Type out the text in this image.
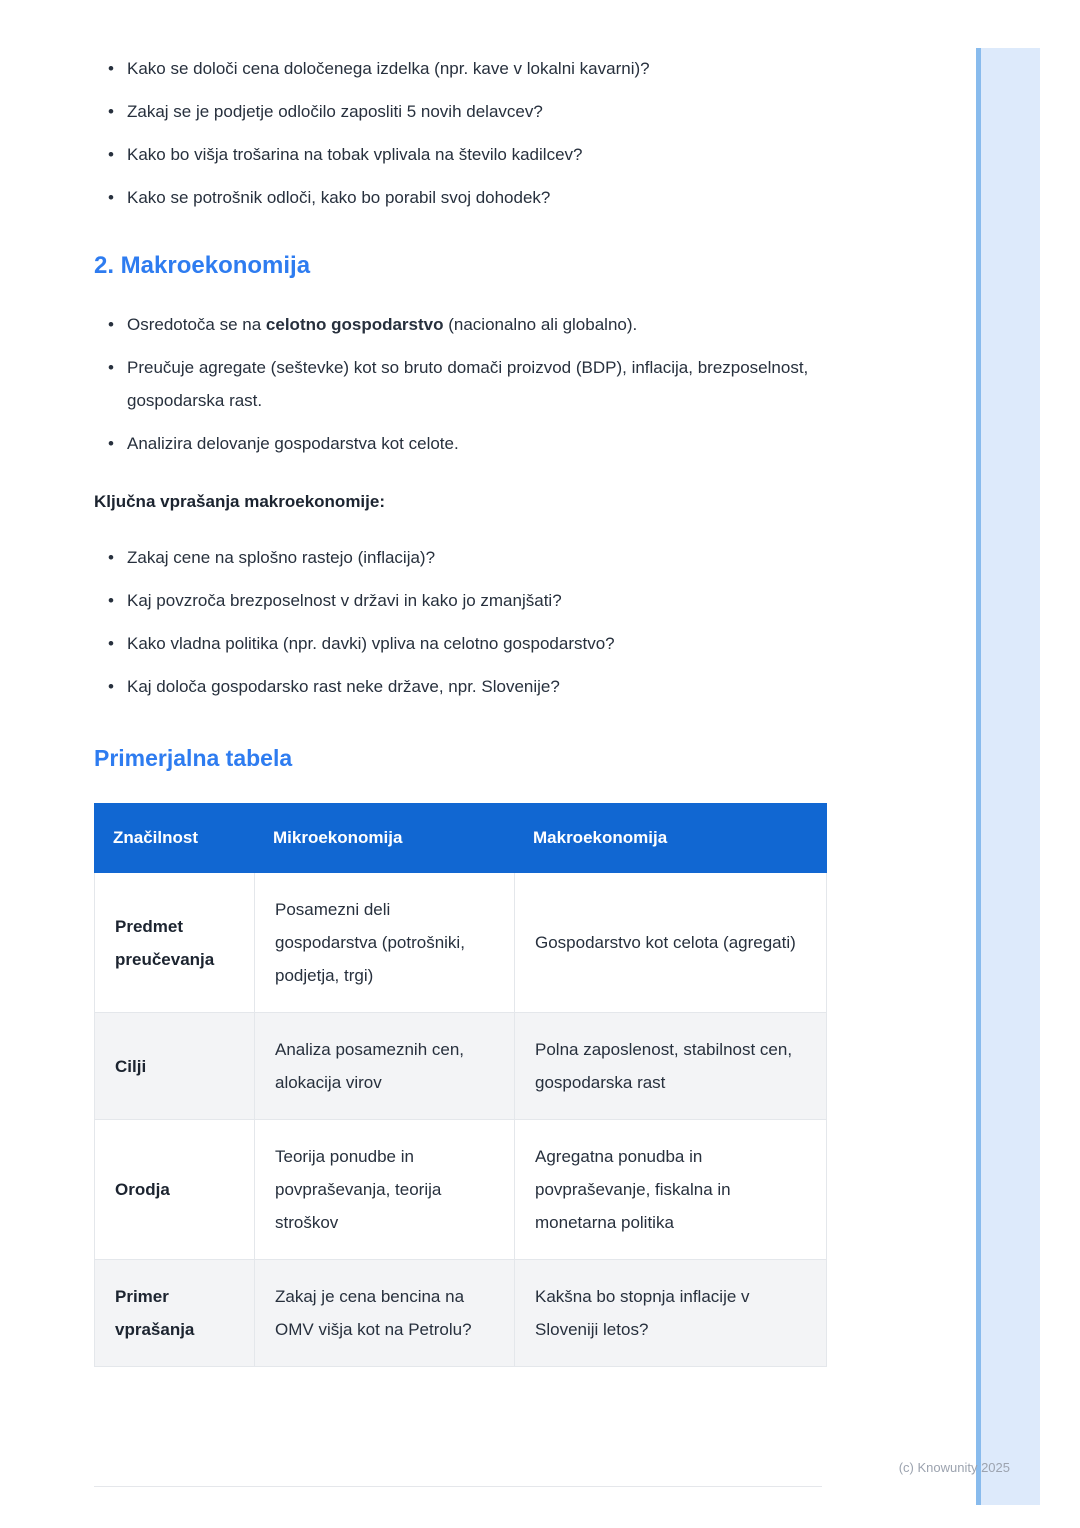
• Kako se določi cena določenega izdelka (npr. kave v lokalni kavarni)?
• Zakaj se je podjetje odločilo zaposliti 5 novih delavcev?
• Kako bo višja trošarina na tobak vplivala na število kadilcev?
• Kako se potrošnik odloči, kako bo porabil svoj dohodek?
2. Makroekonomija
• Osredotoča se na celotno gospodarstvo (nacionalno ali globalno).
• Preučuje agregate (seštevke) kot so bruto domači proizvod (BDP), inflacija, brezposelnost, gospodarska rast.
• Analizira delovanje gospodarstva kot celote.

Ključna vprašanja makroekonomije:

• Zakaj cene na splošno rastejo (inflacija)?
• Kaj povzroča brezposelnost v državi in kako jo zmanjšati?
• Kako vladna politika (npr. davki) vpliva na celotno gospodarstvo?
• Kaj določa gospodarsko rast neke države, npr. Slovenije?
Primerjalna tabela
Značilnost	Mikroekonomija	Makroekonomija
Predmet preučevanja	Posamezni deli gospodarstva (potrošniki, podjetja, trgi)	Gospodarstvo kot celota (agregati)
Cilji	Analiza posameznih cen, alokacija virov	Polna zaposlenost, stabilnost cen, gospodarska rast
Orodja	Teorija ponudbe in povpraševanja, teorija stroškov	Agregatna ponudba in povpraševanje, fiskalna in monetarna politika
Primer vprašanja	Zakaj je cena bencina na OMV višja kot na Petrolu?	Kakšna bo stopnja inflacije v Sloveniji letos?
(c) Knowunity 2025
